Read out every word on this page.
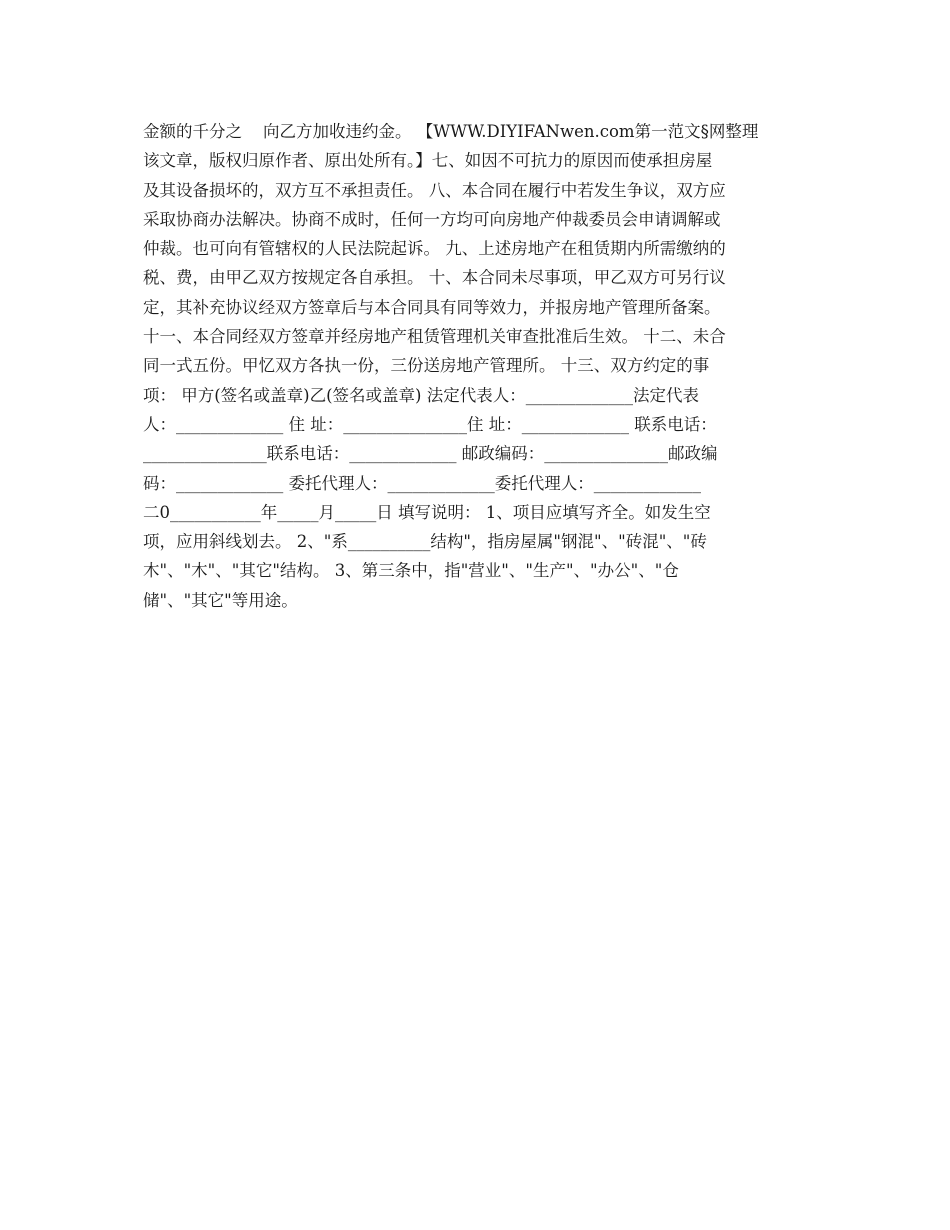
金额的千分之    向乙方加收违约金。 【WWW.DIYIFANwen.com第一范文§网整理
该文章，版权归原作者、原出处所有。】七、如因不可抗力的原因而使承担房屋
及其设备损坏的，双方互不承担责任。 八、本合同在履行中若发生争议，双方应
采取协商办法解决。协商不成时，任何一方均可向房地产仲裁委员会申请调解或
仲裁。也可向有管辖权的人民法院起诉。 九、上述房地产在租赁期内所需缴纳的
税、费，由甲乙双方按规定各自承担。 十、本合同未尽事项，甲乙双方可另行议
定，其补充协议经双方签章后与本合同具有同等效力，并报房地产管理所备案。
十一、本合同经双方签章并经房地产租赁管理机关审查批准后生效。 十二、未合
同一式五份。甲忆双方各执一份，三份送房地产管理所。 十三、双方约定的事
项： 甲方(签名或盖章)乙(签名或盖章) 法定代表人：_____________法定代表
人：_____________ 住 址：_______________住 址：_____________ 联系电话：
_______________联系电话：_____________ 邮政编码：_______________邮政编
码：_____________ 委托代理人：_____________委托代理人：_____________
二0___________年_____月_____日 填写说明： 1、项目应填写齐全。如发生空
项，应用斜线划去。 2、"系__________结构"，指房屋属"钢混"、"砖混"、"砖
木"、"木"、"其它"结构。 3、第三条中，指"营业"、"生产"、"办公"、"仓
储"、"其它"等用途。
